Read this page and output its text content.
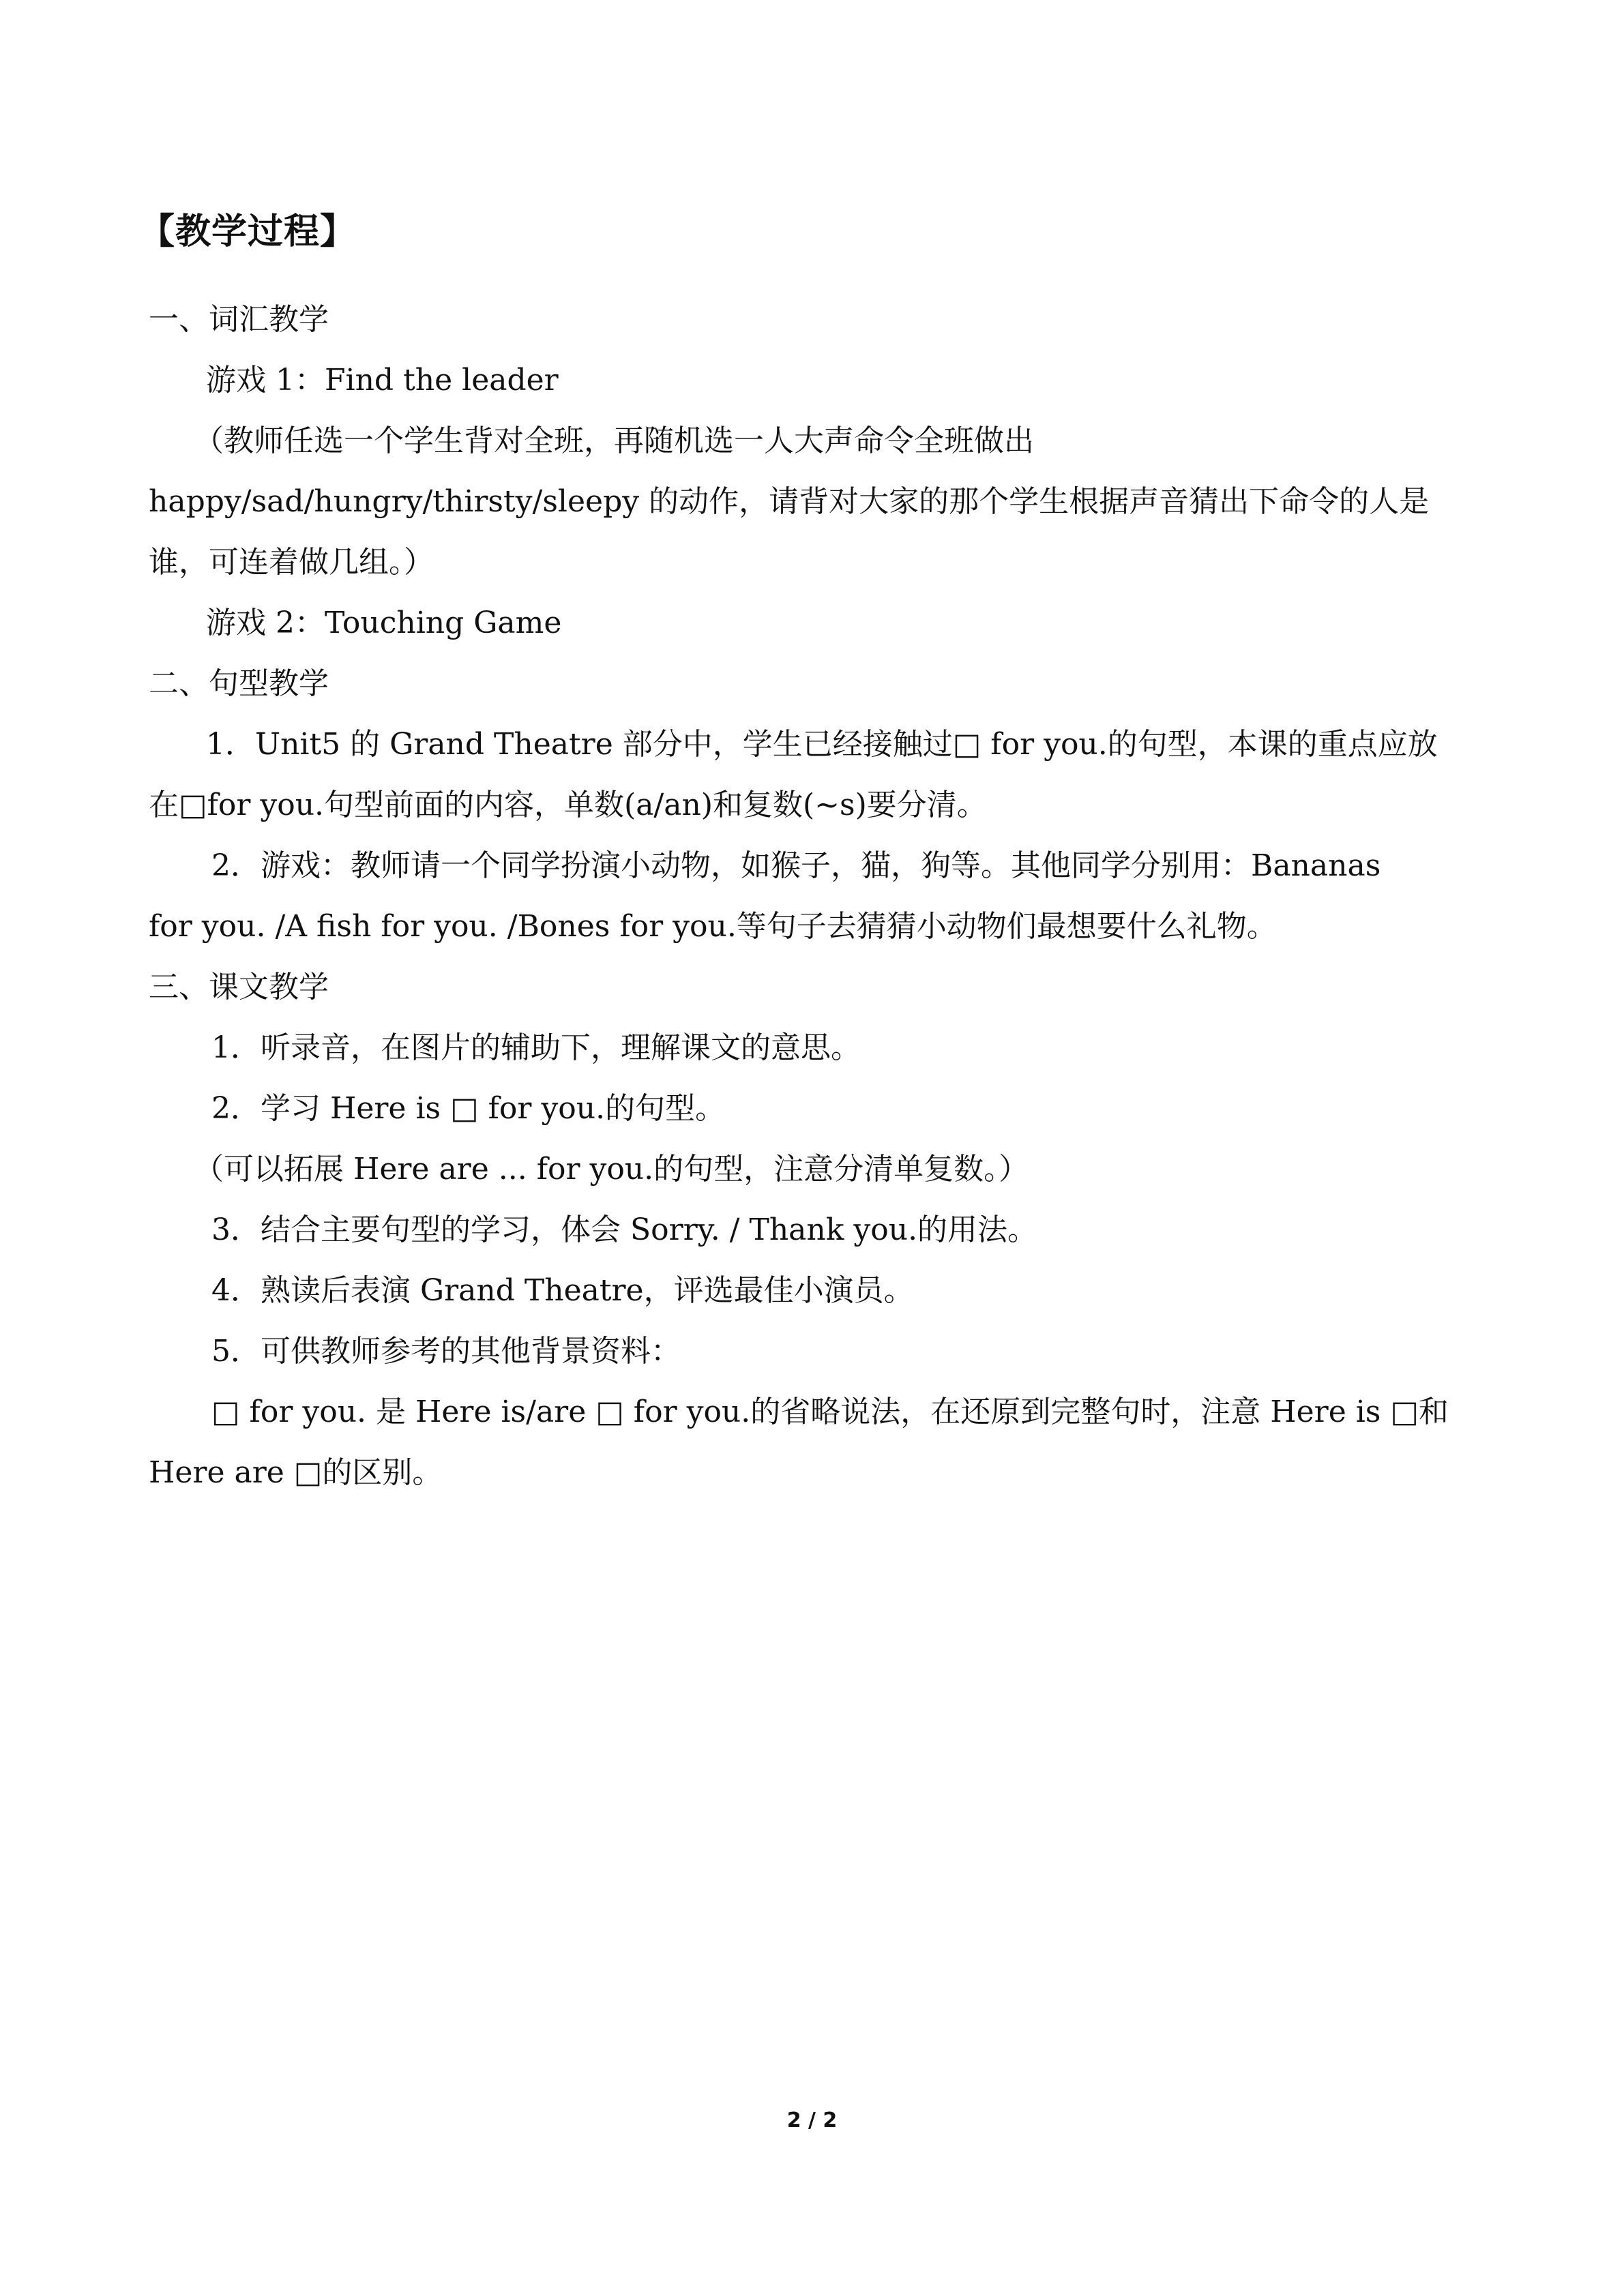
【教学过程】
一、词汇教学
游戏 1：Find the leader
（教师任选一个学生背对全班，再随机选一人大声命令全班做出
happy/sad/hungry/thirsty/sleepy 的动作，请背对大家的那个学生根据声音猜出下命令的人是
谁，可连着做几组。）
游戏 2：Touching Game
二、句型教学
1．Unit5 的 Grand Theatre 部分中，学生已经接触过□ for you.的句型，本课的重点应放
在□for you.句型前面的内容，单数(a/an)和复数(~s)要分清。
2．游戏：教师请一个同学扮演小动物，如猴子，猫，狗等。其他同学分别用：Bananas
for you. /A fish for you. /Bones for you.等句子去猜猜小动物们最想要什么礼物。
三、课文教学
1．听录音，在图片的辅助下，理解课文的意思。
2．学习 Here is □ for you.的句型。
（可以拓展 Here are ... for you.的句型，注意分清单复数。）
3．结合主要句型的学习，体会 Sorry. / Thank you.的用法。
4．熟读后表演 Grand Theatre，评选最佳小演员。
5．可供教师参考的其他背景资料：
□ for you. 是 Here is/are □ for you.的省略说法，在还原到完整句时，注意 Here is □和
Here are □的区别。
2 / 2
